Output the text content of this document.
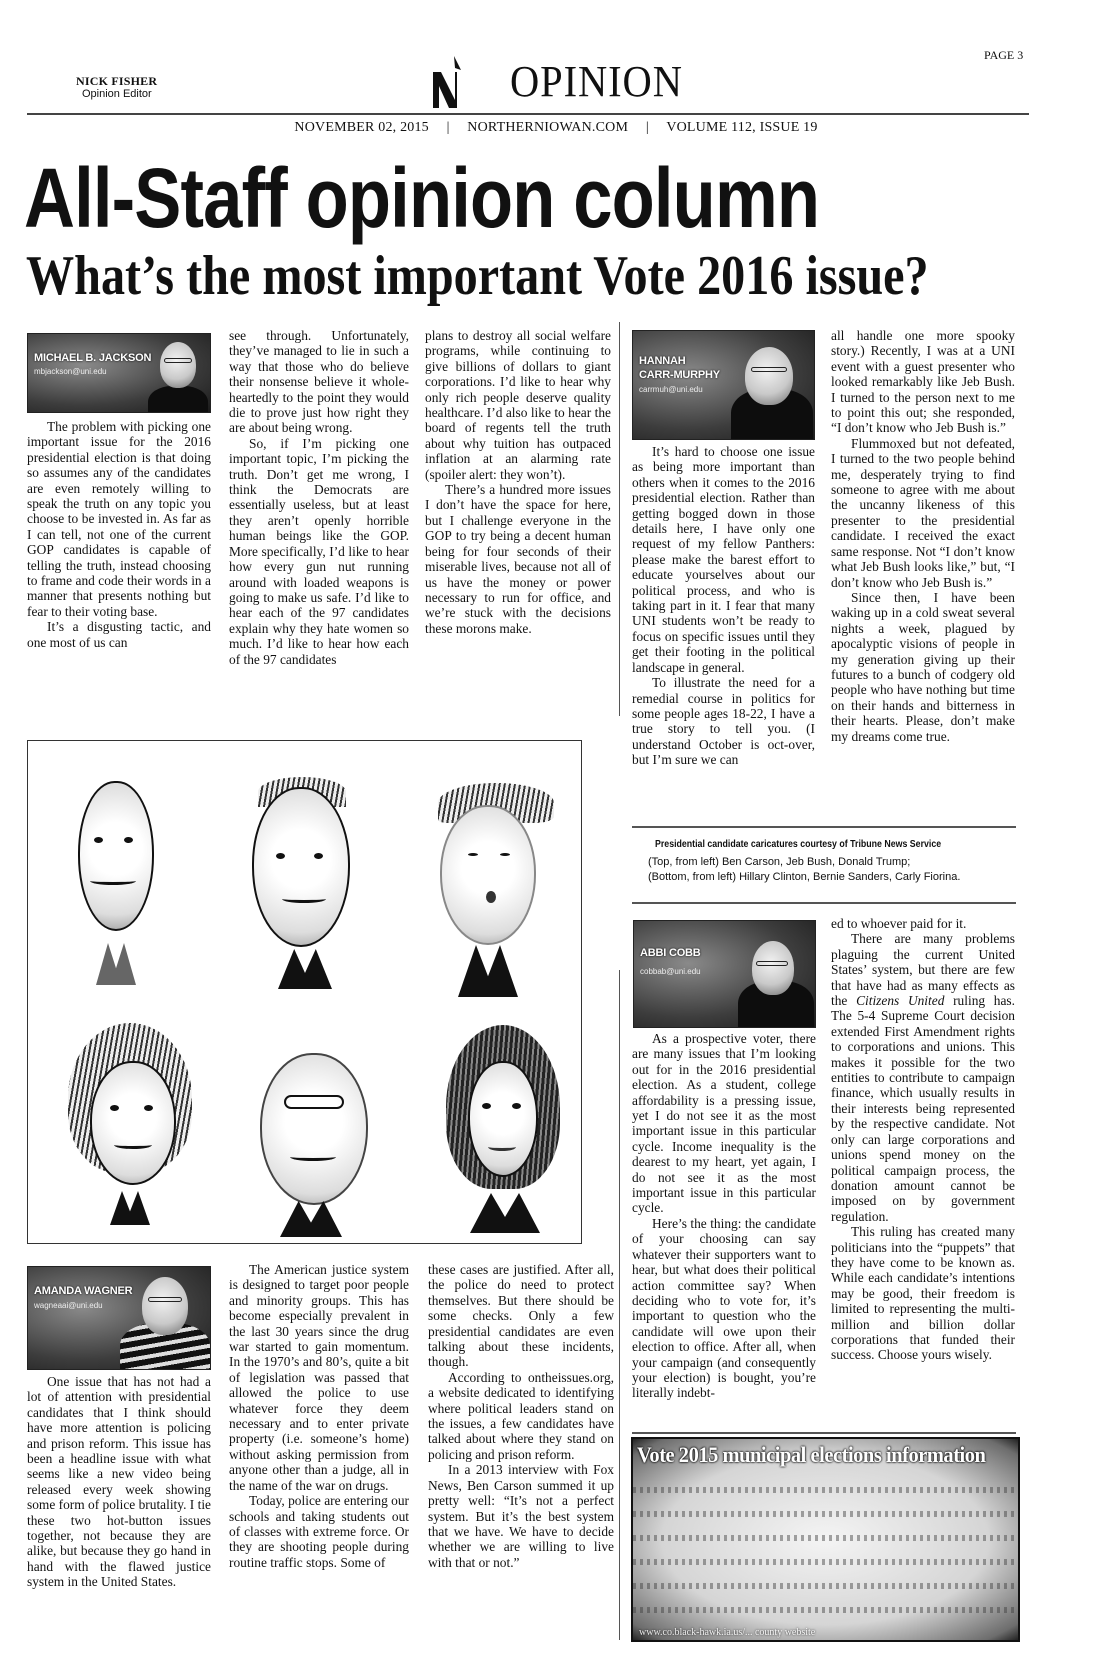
NICK FISHER
Opinion Editor	OPINION
PAGE 3
NOVEMBER 02, 2015 | NORTHERNIOWAN.COM | VOLUME 112, ISSUE 19
All-Staff opinion column
What’s the most important Vote 2016 issue?
MICHAEL B. JACKSON
mbjackson@uni.edu

The problem with picking one important issue for the 2016 presidential election is that doing so assumes any of the candidates are even remotely willing to speak the truth on any topic you choose to be invested in. As far as I can tell, not one of the current GOP candidates is capable of telling the truth, instead choosing to frame and code their words in a manner that presents nothing but fear to their voting base.

It’s a disgusting tactic, and one most of us can

see through. Unfortunately, they’ve managed to lie in such a way that those who do believe their nonsense believe it whole-heartedly to the point they would die to prove just how right they are about being wrong.

So, if I’m picking one important topic, I’m picking the truth. Don’t get me wrong, I think the Democrats are essentially useless, but at least they aren’t openly horrible human beings like the GOP. More specifically, I’d like to hear how every gun nut running around with loaded weapons is going to make us safe. I’d like to hear each of the 97 candidates explain why they hate women so much. I’d like to hear how each of the 97 candidates

plans to destroy all social welfare programs, while continuing to give billions of dollars to giant corporations. I’d like to hear why only rich people deserve quality healthcare. I’d also like to hear the board of regents tell the truth about why tuition has outpaced inflation at an alarming rate (spoiler alert: they won’t).

There’s a hundred more issues I don’t have the space for here, but I challenge everyone in the GOP to try being a decent human being for four seconds of their miserable lives, because not all of us have the money or power necessary to run for office, and we’re stuck with the decisions these morons make.

HANNAH
CARR-MURPHY
carrmuh@uni.edu

It’s hard to choose one issue as being more important than others when it comes to the 2016 presidential election. Rather than getting bogged down in those details here, I have only one request of my fellow Panthers: please make the barest effort to educate yourselves about our political process, and who is taking part in it. I fear that many UNI students won’t be ready to focus on specific issues until they get their footing in the political landscape in general.

To illustrate the need for a remedial course in politics for some people ages 18-22, I have a true story to tell you. (I understand October is oct-over, but I’m sure we can

all handle one more spooky story.) Recently, I was at a UNI event with a guest presenter who looked remarkably like Jeb Bush. I turned to the person next to me to point this out; she responded, “I don’t know who Jeb Bush is.”

Flummoxed but not defeated, I turned to the two people behind me, desperately trying to find someone to agree with me about the uncanny likeness of this presenter to the presidential candidate. I received the exact same response. Not “I don’t know what Jeb Bush looks like,” but, “I don’t know who Jeb Bush is.”

Since then, I have been waking up in a cold sweat several nights a week, plagued by apocalyptic visions of people in my generation giving up their futures to a bunch of codgery old people who have nothing but time on their hands and bitterness in their hearts. Please, don’t make my dreams come true.

Presidential candidate caricatures courtesy of Tribune News Service
(Top, from left) Ben Carson, Jeb Bush, Donald Trump;
(Bottom, from left) Hillary Clinton, Bernie Sanders, Carly Fiorina.
ABBI COBB
cobbab@uni.edu

As a prospective voter, there are many issues that I’m looking out for in the 2016 presidential election. As a student, college affordability is a pressing issue, yet I do not see it as the most important issue in this particular cycle. Income inequality is the dearest to my heart, yet again, I do not see it as the most important issue in this particular cycle.

Here’s the thing: the candidate of your choosing can say whatever their supporters want to hear, but what does their political action committee say? When deciding who to vote for, it’s important to question who the candidate will owe upon their election to office. After all, when your campaign (and consequently your election) is bought, you’re literally indebt-

ed to whoever paid for it.

There are many problems plaguing the current United States’ system, but there are few that have had as many effects as the Citizens United ruling has. The 5-4 Supreme Court decision extended First Amendment rights to corporations and unions. This makes it possible for the two entities to contribute to campaign finance, which usually results in their interests being represented by the respective candidate. Not only can large corporations and unions spend money on the political campaign process, the donation amount cannot be imposed on by government regulation.

This ruling has created many politicians into the “puppets” that they have come to be known as. While each candidate’s intentions may be good, their freedom is limited to representing the multi-million and billion dollar corporations that funded their success. Choose yours wisely.

Vote 2015 municipal elections information
www.co.black-hawk.ia.us/... county website
AMANDA WAGNER
wagneaai@uni.edu

One issue that has not had a lot of attention with presidential candidates that I think should have more attention is policing and prison reform. This issue has been a headline issue with what seems like a new video being released every week showing some form of police brutality. I tie these two hot-button issues together, not because they are alike, but because they go hand in hand with the flawed justice system in the United States.

The American justice system is designed to target poor people and minority groups. This has become especially prevalent in the last 30 years since the drug war started to gain momentum. In the 1970’s and 80’s, quite a bit of legislation was passed that allowed the police to use whatever force they deem necessary and to enter private property (i.e. someone’s home) without asking permission from anyone other than a judge, all in the name of the war on drugs.

Today, police are entering our schools and taking students out of classes with extreme force. Or they are shooting people during routine traffic stops. Some of

these cases are justified. After all, the police do need to protect themselves. But there should be some checks. Only a few presidential candidates are even talking about these incidents, though.

According to ontheissues.org, a website dedicated to identifying where political leaders stand on the issues, a few candidates have talked about where they stand on policing and prison reform.

In a 2013 interview with Fox News, Ben Carson summed it up pretty well: “It’s not a perfect system. But it’s the best system that we have. We have to decide whether we are willing to live with that or not.”
